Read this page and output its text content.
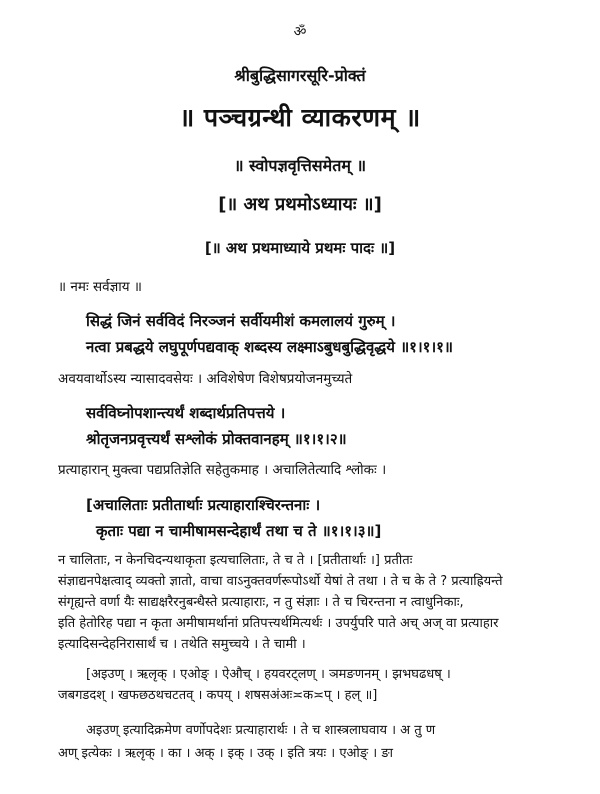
ॐ
श्रीबुद्धिसागरसूरि-प्रोक्तं
॥ पञ्चग्रन्थी व्याकरणम् ॥
॥ स्वोपज्ञवृत्तिसमेतम् ॥
[॥ अथ प्रथमोऽध्यायः ॥]
[॥ अथ प्रथमाध्याये प्रथमः पादः ॥]
॥ नमः सर्वज्ञाय ॥
सिद्धं जिनं सर्वविदं निरञ्जनं सर्वीयमीशं कमलालयं गुरुम् ।
नत्वा प्रबद्धये लघुपूर्णपद्यवाक् शब्दस्य लक्ष्माऽबुधबुद्धिवृद्धये ॥१।१।१॥
अवयवार्थोऽस्य न्यासादवसेयः । अविशेषेण विशेषप्रयोजनमुच्यते
सर्वविघ्नोपशान्त्यर्थं शब्दार्थप्रतिपत्तये ।
श्रोतृजनप्रवृत्त्यर्थं सश्लोकं प्रोक्तवानहम् ॥१।१।२॥
प्रत्याहारान् मुक्त्वा पद्यप्रतिज्ञेति सहेतुकमाह । अचालितेत्यादि श्लोकः ।
[अचालिताः प्रतीतार्थाः प्रत्याहाराश्चिरन्तनाः ।
कृताः पद्या न चामीषामसन्देहार्थं तथा च ते ॥१।१।३॥]
न चालिताः, न केनचिदन्यथाकृता इत्यचालिताः, ते च ते । [प्रतीतार्थाः ।] प्रतीतः
संज्ञाद्यनपेक्षत्वाद् व्यक्तो ज्ञातो, वाचा वाऽनुक्तवर्णरूपोऽर्थो येषां ते तथा । ते च के ते ? प्रत्याह्रियन्ते
संगृह्यन्ते वर्णा यैः साद्यक्षरैरनुबन्धैस्ते प्रत्याहाराः, न तु संज्ञाः । ते च चिरन्तना न त्वाधुनिकाः,
इति हेतोरिह पद्या न कृता अमीषामर्थानां प्रतिपत्त्यर्थमित्यर्थः । उपर्युपरि पाते अच् अज् वा प्रत्याहार
इत्यादिसन्देहनिरासार्थं च । तथेति समुच्चये । ते चामी ।
[अइउण् । ऋलृक् । एओङ् । ऐऔच् । हयवरट्लण् । ञमङणनम् । झभघढधष् ।
जबगडदश् । खफछठथचटतव् । कपय् । शषसअंअः≍क≍प् । हल् ॥]
अइउण् इत्यादिक्रमेण वर्णोपदेशः प्रत्याहारार्थः । ते च शास्त्रलाघवाय । अ तु ण
अण् इत्येकः । ऋलृक् । का । अक् । इक् । उक् । इति त्रयः । एओङ् । ङा
